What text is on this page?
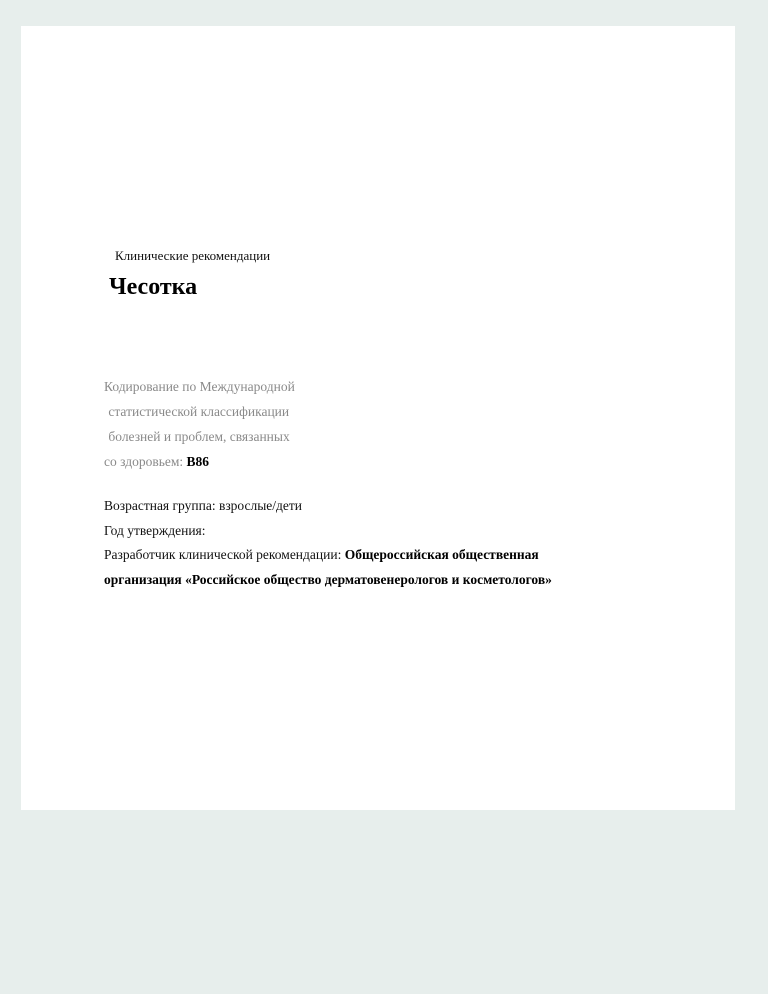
Клинические рекомендации
Чесотка
Кодирование по Международной
статистической классификации
болезней и проблем, связанных
со здоровьем: B86
Возрастная группа: взрослые/дети
Год утверждения:
Разработчик клинической рекомендации: Общероссийская общественная
организация «Российское общество дерматовенерологов и косметологов»
